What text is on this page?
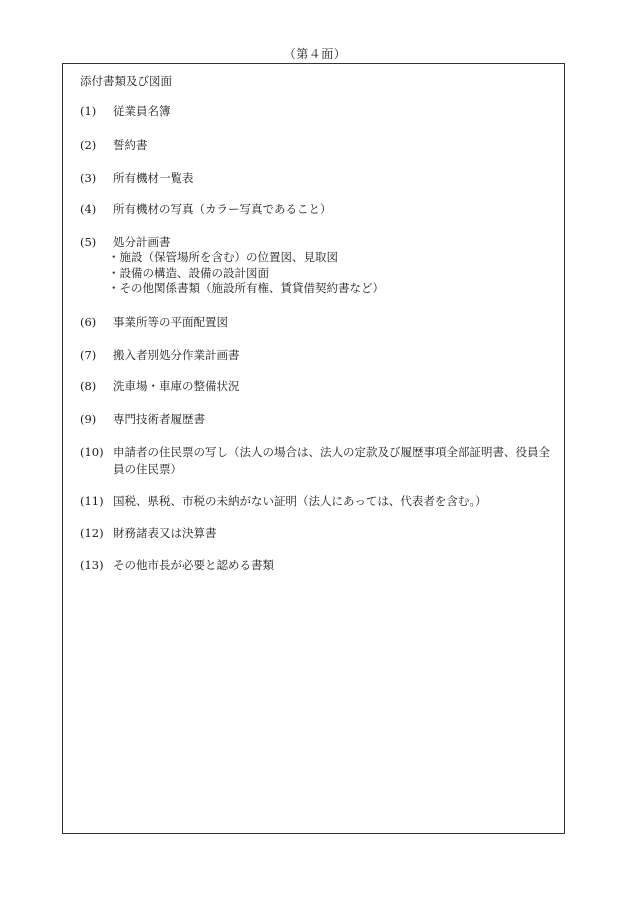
（第４面）
添付書類及び図面
(1) 従業員名簿
(2) 誓約書
(3) 所有機材一覧表
(4) 所有機材の写真（カラー写真であること）
(5) 処分計画書
・施設（保管場所を含む）の位置図、見取図
・設備の構造、設備の設計図面
・その他関係書類（施設所有権、賃貸借契約書など）
(6) 事業所等の平面配置図
(7) 搬入者別処分作業計画書
(8) 洗車場・車庫の整備状況
(9) 専門技術者履歴書
(10) 申請者の住民票の写し（法人の場合は、法人の定款及び履歴事項全部証明書、役員全員の住民票）
(11) 国税、県税、市税の未納がない証明（法人にあっては、代表者を含む。）
(12) 財務諸表又は決算書
(13) その他市長が必要と認める書類
